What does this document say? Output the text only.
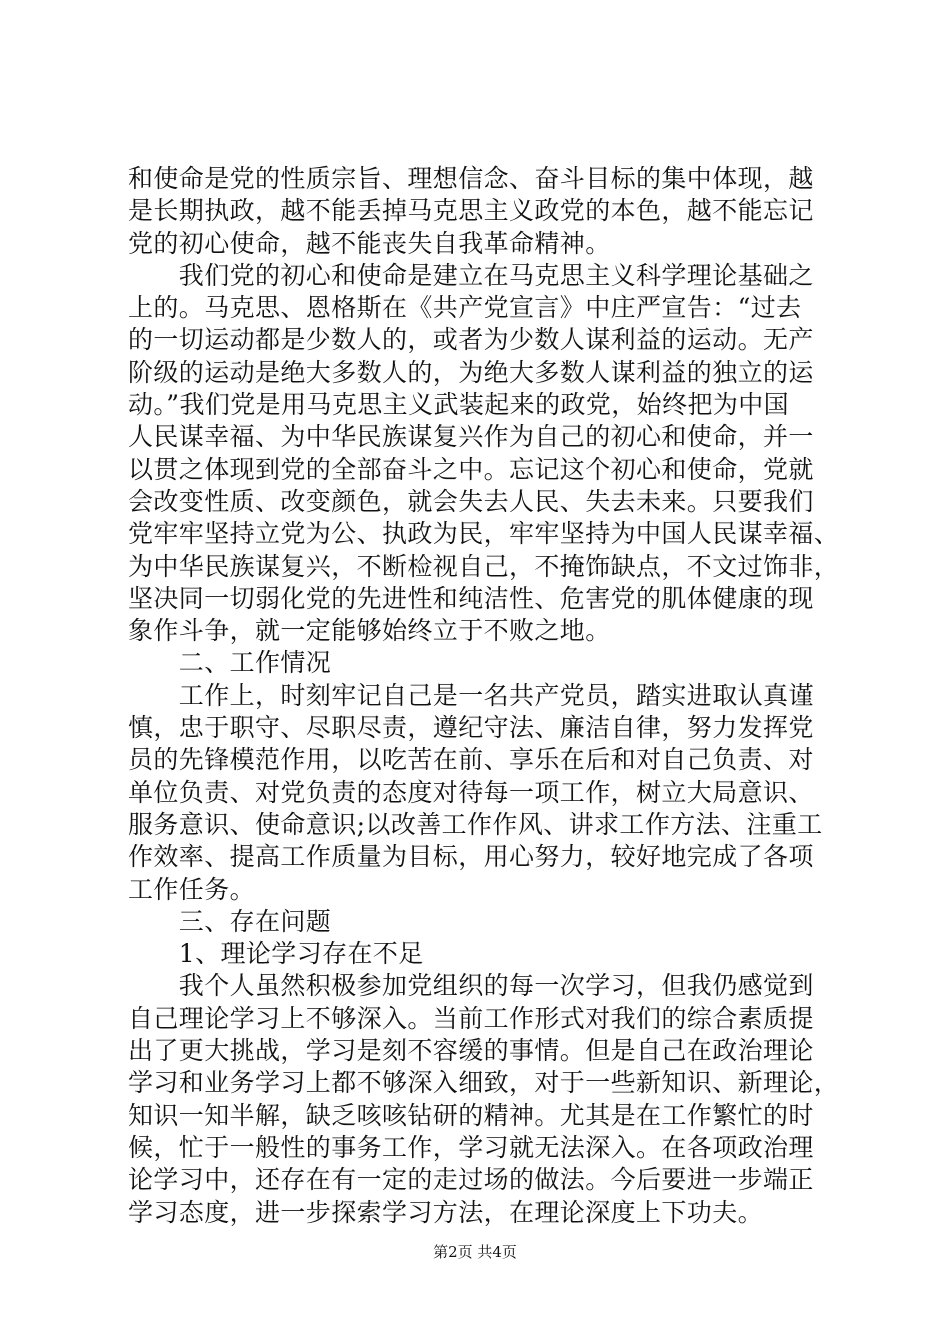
和使命是党的性质宗旨、理想信念、奋斗目标的集中体现，越
是长期执政，越不能丢掉马克思主义政党的本色，越不能忘记
党的初心使命，越不能丧失自我革命精神。
　　我们党的初心和使命是建立在马克思主义科学理论基础之
上的。马克思、恩格斯在《共产党宣言》中庄严宣告：“过去
的一切运动都是少数人的，或者为少数人谋利益的运动。无产
阶级的运动是绝大多数人的，为绝大多数人谋利益的独立的运
动。”我们党是用马克思主义武装起来的政党，始终把为中国
人民谋幸福、为中华民族谋复兴作为自己的初心和使命，并一
以贯之体现到党的全部奋斗之中。忘记这个初心和使命，党就
会改变性质、改变颜色，就会失去人民、失去未来。只要我们
党牢牢坚持立党为公、执政为民，牢牢坚持为中国人民谋幸福、
为中华民族谋复兴，不断检视自己，不掩饰缺点，不文过饰非，
坚决同一切弱化党的先进性和纯洁性、危害党的肌体健康的现
象作斗争，就一定能够始终立于不败之地。
　　二、工作情况
　　工作上，时刻牢记自己是一名共产党员，踏实进取认真谨
慎，忠于职守、尽职尽责，遵纪守法、廉洁自律，努力发挥党
员的先锋模范作用，以吃苦在前、享乐在后和对自己负责、对
单位负责、对党负责的态度对待每一项工作，树立大局意识、
服务意识、使命意识;以改善工作作风、讲求工作方法、注重工
作效率、提高工作质量为目标，用心努力，较好地完成了各项
工作任务。
　　三、存在问题
　　1、理论学习存在不足
　　我个人虽然积极参加党组织的每一次学习，但我仍感觉到
自己理论学习上不够深入。当前工作形式对我们的综合素质提
出了更大挑战，学习是刻不容缓的事情。但是自己在政治理论
学习和业务学习上都不够深入细致，对于一些新知识、新理论，
知识一知半解，缺乏咳咳钻研的精神。尤其是在工作繁忙的时
候，忙于一般性的事务工作，学习就无法深入。在各项政治理
论学习中，还存在有一定的走过场的做法。今后要进一步端正
学习态度，进一步探索学习方法，在理论深度上下功夫。
第2页 共4页
